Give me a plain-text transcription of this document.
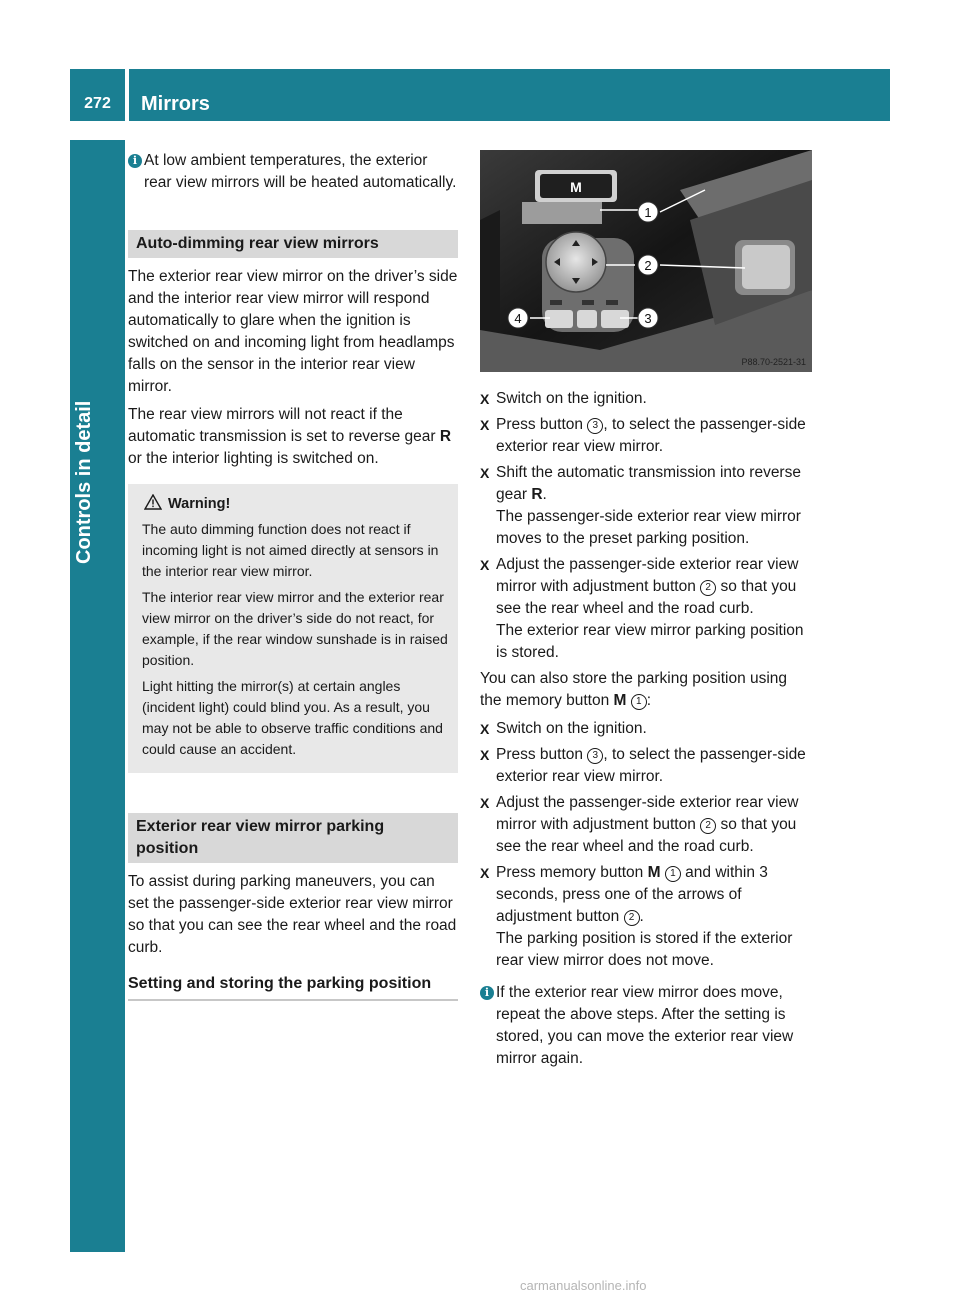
272	Mirrors
Controls in detail
i At low ambient temperatures, the exterior rear view mirrors will be heated automatically.
Auto-dimming rear view mirrors

The exterior rear view mirror on the driver’s side and the interior rear view mirror will respond automatically to glare when the ignition is switched on and incoming light from headlamps falls on the sensor in the interior rear view mirror.

The rear view mirrors will not react if the automatic transmission is set to reverse gear R or the interior lighting is switched on.

Warning!

The auto dimming function does not react if incoming light is not aimed directly at sensors in the interior rear view mirror.

The interior rear view mirror and the exterior rear view mirror on the driver’s side do not react, for example, if the rear window sunshade is in raised position.

Light hitting the mirror(s) at certain angles (incident light) could blind you. As a result, you may not be able to observe traffic conditions and could cause an accident.

Exterior rear view mirror parking position

To assist during parking maneuvers, you can set the passenger-side exterior rear view mirror so that you can see the rear wheel and the road curb.

Setting and storing the parking position
M
1
2
3
4
P88.70-2521-31
X Switch on the ignition.
X Press button 3 , to select the passenger-side exterior rear view mirror.
X Shift the automatic transmission into reverse gear R.
The passenger-side exterior rear view mirror moves to the preset parking position.
X Adjust the passenger-side exterior rear view mirror with adjustment button 2 so that you see the rear wheel and the road curb.
The exterior rear view mirror parking position is stored.

You can also store the parking position using the memory button M 1 :

X Switch on the ignition.
X Press button 3 , to select the passenger-side exterior rear view mirror.
X Adjust the passenger-side exterior rear view mirror with adjustment button 2 so that you see the rear wheel and the road curb.
X Press memory button M 1 and within 3 seconds, press one of the arrows of adjustment button 2 .
The parking position is stored if the exterior rear view mirror does not move.
i If the exterior rear view mirror does move, repeat the above steps. After the setting is stored, you can move the exterior rear view mirror again.
carmanualsonline.info
